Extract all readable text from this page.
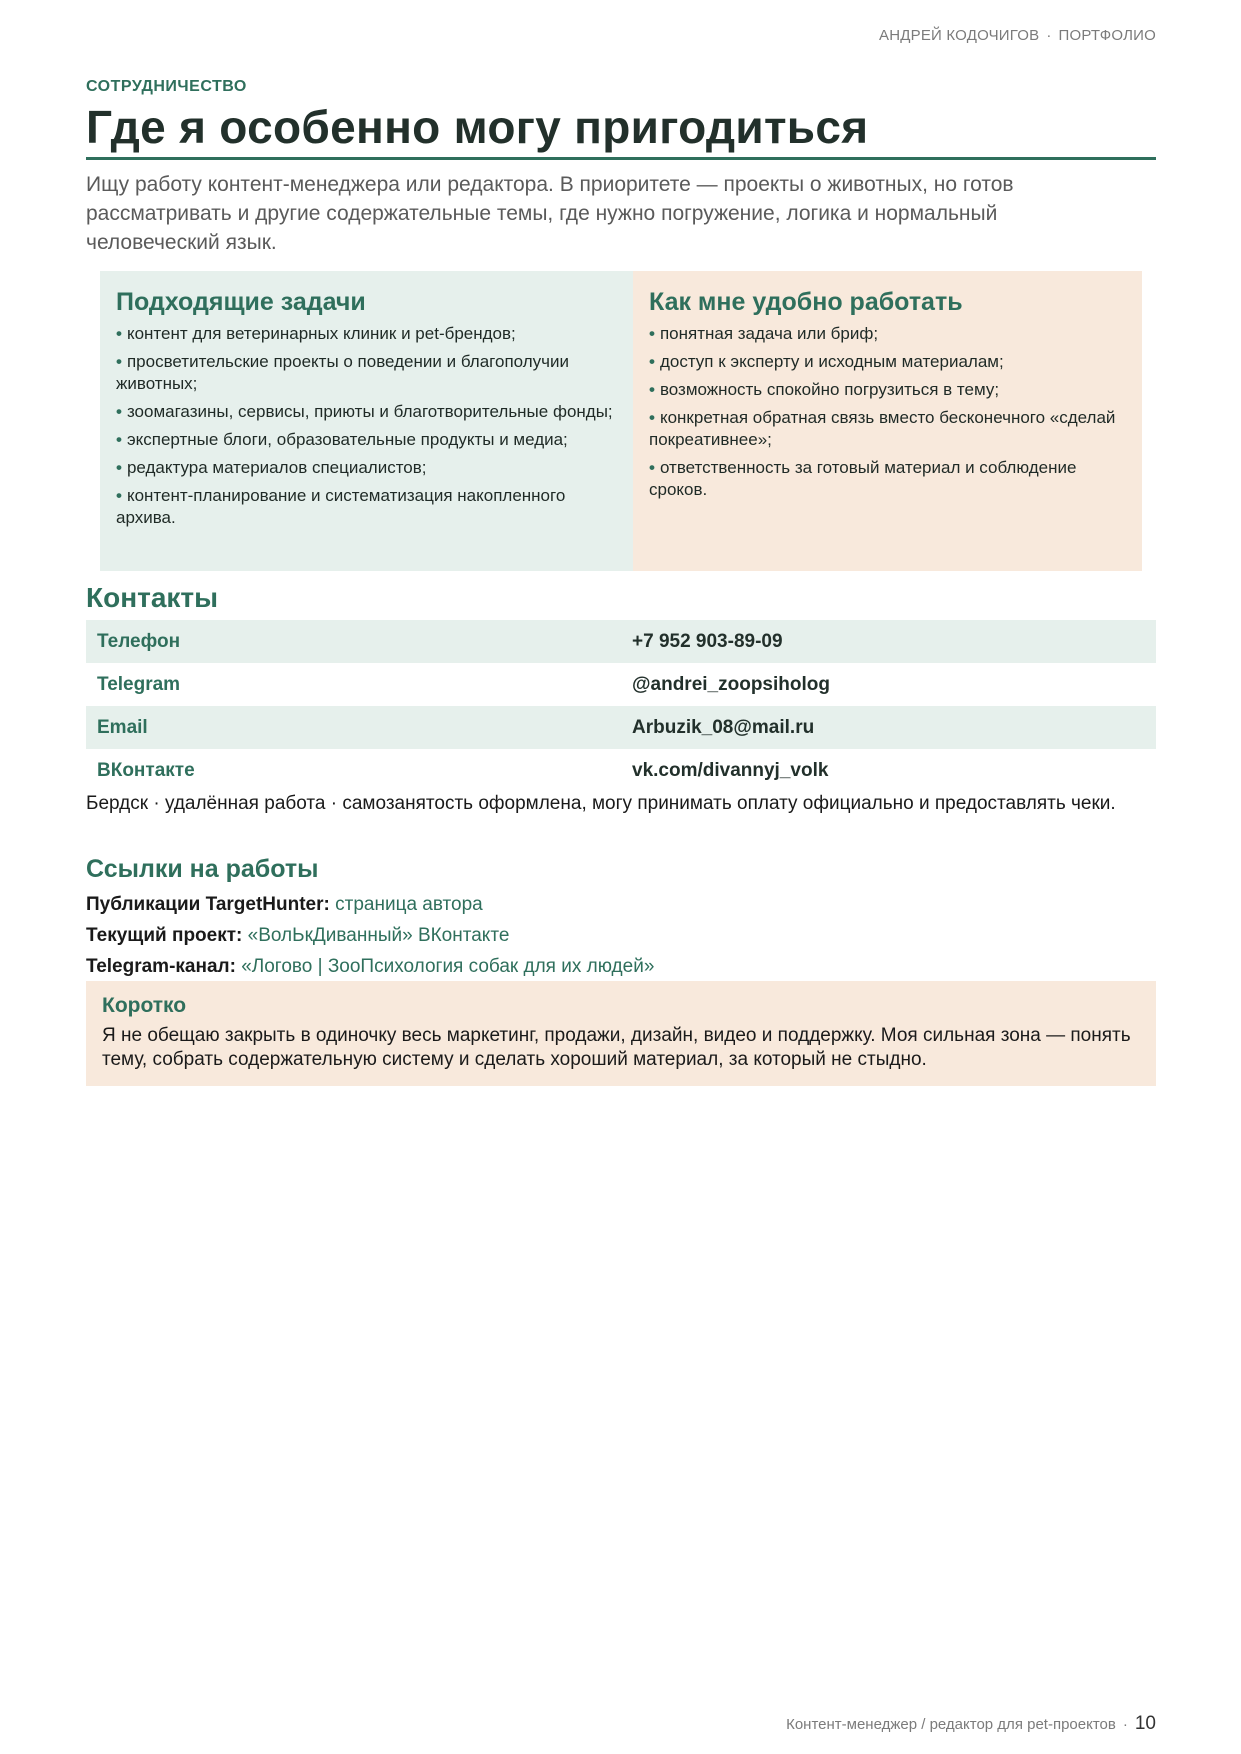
АНДРЕЙ КОДОЧИГОВ · ПОРТФОЛИО
СОТРУДНИЧЕСТВО
Где я особенно могу пригодиться

Ищу работу контент-менеджера или редактора. В приоритете — проекты о животных, но готов рассматривать и другие содержательные темы, где нужно погружение, логика и нормальный человеческий язык.

Подходящие задачи
• контент для ветеринарных клиник и pet-брендов;
• просветительские проекты о поведении и благополучии животных;
• зоомагазины, сервисы, приюты и благотворительные фонды;
• экспертные блоги, образовательные продукты и медиа;
• редактура материалов специалистов;
• контент-планирование и систематизация накопленного архива.
Как мне удобно работать
• понятная задача или бриф;
• доступ к эксперту и исходным материалам;
• возможность спокойно погрузиться в тему;
• конкретная обратная связь вместо бесконечного «сделай покреативнее»;
• ответственность за готовый материал и соблюдение сроков.
Контакты
Телефон	+7 952 903-89-09
Telegram	@andrei_zoopsiholog
Email	Arbuzik_08@mail.ru
ВКонтакте	vk.com/divannyj_volk

Бердск · удалённая работа · самозанятость оформлена, могу принимать оплату официально и предоставлять чеки.

Ссылки на работы
Публикации TargetHunter: страница автора
Текущий проект: «ВолЬкДиванный» ВКонтакте
Telegram-канал: «Логово | ЗооПсихология собак для их людей»
Коротко

Я не обещаю закрыть в одиночку весь маркетинг, продажи, дизайн, видео и поддержку. Моя сильная зона — понять тему, собрать содержательную систему и сделать хороший материал, за который не стыдно.

Контент-менеджер / редактор для pet-проектов · 10
